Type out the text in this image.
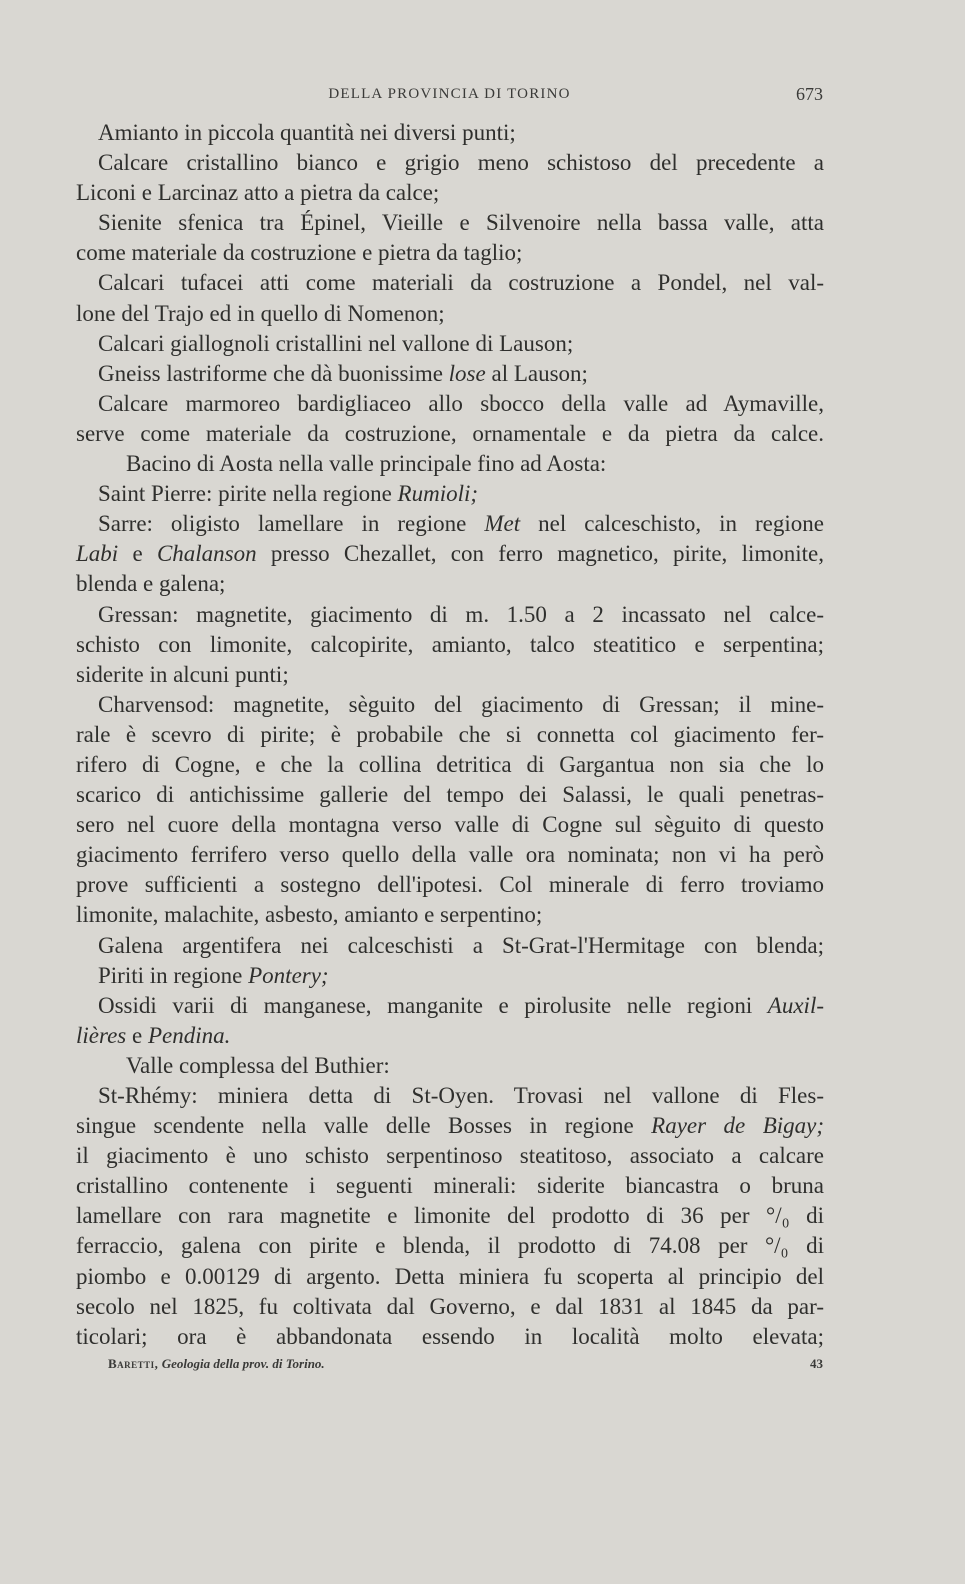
DELLA PROVINCIA DI TORINO	673
Amianto in piccola quantità nei diversi punti;
Calcare cristallino bianco e grigio meno schistoso del precedente a
Liconi e Larcinaz atto a pietra da calce;
Sienite sfenica tra Épinel, Vieille e Silvenoire nella bassa valle, atta
come materiale da costruzione e pietra da taglio;
Calcari tufacei atti come materiali da costruzione a Pondel, nel val-
lone del Trajo ed in quello di Nomenon;
Calcari giallognoli cristallini nel vallone di Lauson;
Gneiss lastriforme che dà buonissime lose al Lauson;
Calcare marmoreo bardigliaceo allo sbocco della valle ad Aymaville,
serve come materiale da costruzione, ornamentale e da pietra da calce.
Bacino di Aosta nella valle principale fino ad Aosta:
Saint Pierre: pirite nella regione Rumioli;
Sarre: oligisto lamellare in regione Met nel calceschisto, in regione
Labi e Chalanson presso Chezallet, con ferro magnetico, pirite, limonite,
blenda e galena;
Gressan: magnetite, giacimento di m. 1.50 a 2 incassato nel calce-
schisto con limonite, calcopirite, amianto, talco steatitico e serpentina;
siderite in alcuni punti;
Charvensod: magnetite, sèguito del giacimento di Gressan; il mine-
rale è scevro di pirite; è probabile che si connetta col giacimento fer-
rifero di Cogne, e che la collina detritica di Gargantua non sia che lo
scarico di antichissime gallerie del tempo dei Salassi, le quali penetras-
sero nel cuore della montagna verso valle di Cogne sul sèguito di questo
giacimento ferrifero verso quello della valle ora nominata; non vi ha però
prove sufficienti a sostegno dell'ipotesi. Col minerale di ferro troviamo
limonite, malachite, asbesto, amianto e serpentino;
Galena argentifera nei calceschisti a St-Grat-l'Hermitage con blenda;
Piriti in regione Pontery;
Ossidi varii di manganese, manganite e pirolusite nelle regioni Auxil-
lières e Pendina.
Valle complessa del Buthier:
St-Rhémy: miniera detta di St-Oyen. Trovasi nel vallone di Fles-
singue scendente nella valle delle Bosses in regione Rayer de Bigay;
il giacimento è uno schisto serpentinoso steatitoso, associato a calcare
cristallino contenente i seguenti minerali: siderite biancastra o bruna
lamellare con rara magnetite e limonite del prodotto di 36 per °/₀ di
ferraccio, galena con pirite e blenda, il prodotto di 74.08 per °/₀ di
piombo e 0.00129 di argento. Detta miniera fu scoperta al principio del
secolo nel 1825, fu coltivata dal Governo, e dal 1831 al 1845 da par-
ticolari; ora è abbandonata essendo in località molto elevata;
Baretti, Geologia della prov. di Torino.	43
